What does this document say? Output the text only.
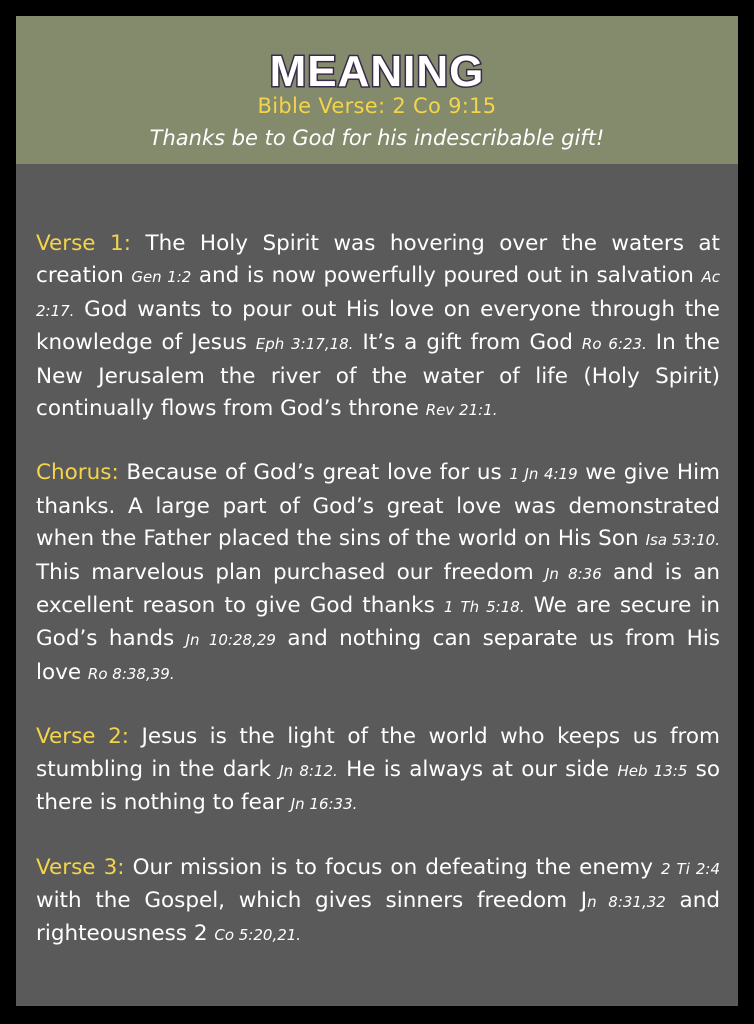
MEANING
Bible Verse: 2 Co 9:15
Thanks be to God for his indescribable gift!

Verse 1: The Holy Spirit was hovering over the waters at creation Gen 1:2 and is now powerfully poured out in salvation Ac 2:17. God wants to pour out His love on everyone through the knowledge of Jesus Eph 3:17,18. It’s a gift from God Ro 6:23. In the New Jerusalem the river of the water of life (Holy Spirit) continually flows from God’s throne Rev 21:1.

Chorus: Because of God’s great love for us 1 Jn 4:19 we give Him thanks. A large part of God’s great love was demonstrated when the Father placed the sins of the world on His Son Isa 53:10. This marvelous plan purchased our freedom Jn 8:36 and is an excellent reason to give God thanks 1 Th 5:18. We are secure in God’s hands Jn 10:28,29 and nothing can separate us from His love Ro 8:38,39.

Verse 2: Jesus is the light of the world who keeps us from stumbling in the dark Jn 8:12. He is always at our side Heb 13:5 so there is nothing to fear Jn 16:33.

Verse 3: Our mission is to focus on defeating the enemy 2 Ti 2:4 with the Gospel, which gives sinners freedom Jn 8:31,32 and righteousness 2 Co 5:20,21.
